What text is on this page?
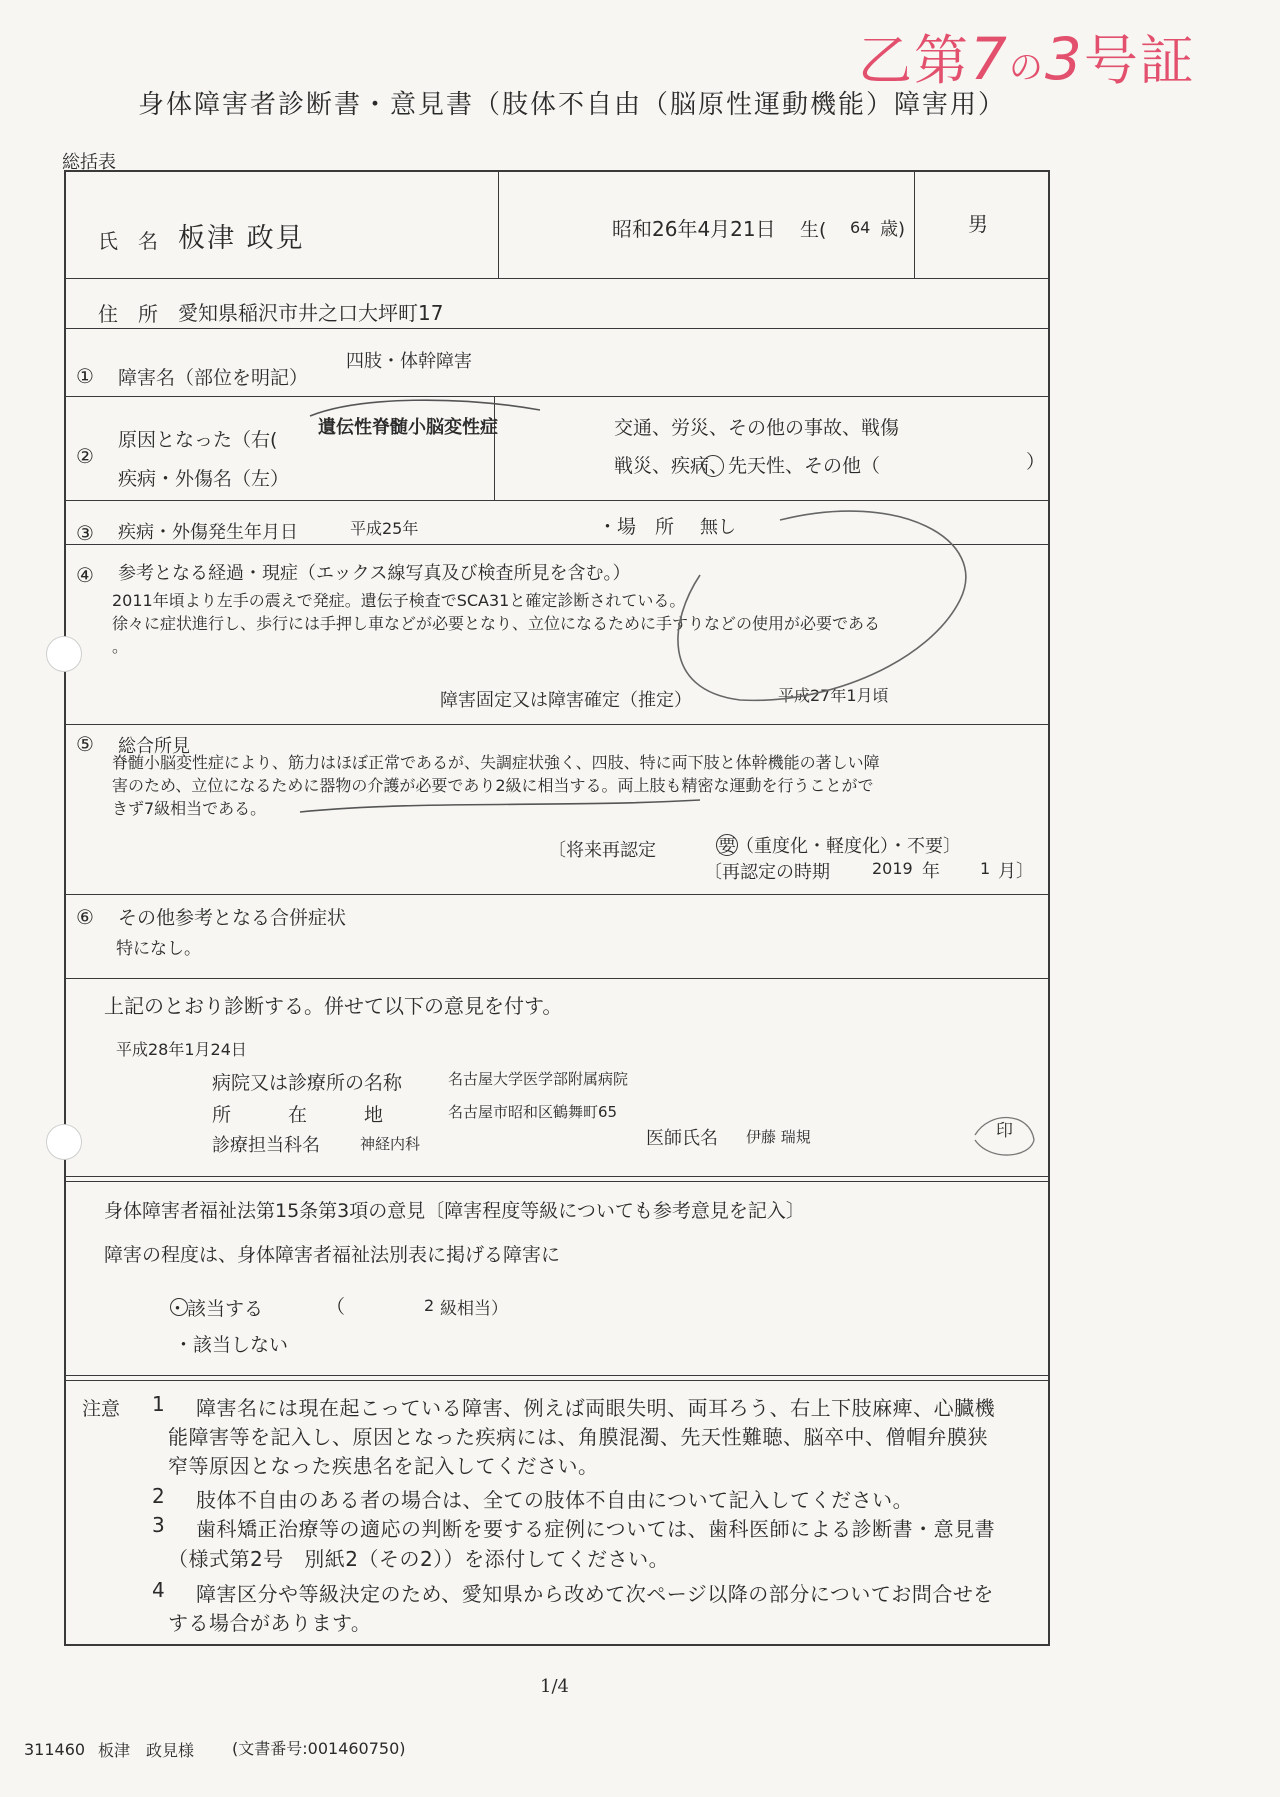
乙第7の3号証
身体障害者診断書・意見書（肢体不自由（脳原性運動機能）障害用）
総括表
氏　名 板津 政見	昭和26年4月21日 生( 64 歳)	男
住　所 愛知県稲沢市井之口大坪町17
① 障害名（部位を明記）
四肢・体幹障害
②
原因となった（右(
疾病・外傷名（左）
遺伝性脊髄小脳変性症	交通、労災、その他の事故、戦傷
戦災、疾病、先天性、その他（	）
③ 疾病・外傷発生年月日	平成25年	・場　所 無し
④ 参考となる経過・現症（エックス線写真及び検査所見を含む。）
2011年頃より左手の震えで発症。遺伝子検査でSCA31と確定診断されている。
徐々に症状進行し、歩行には手押し車などが必要となり、立位になるために手すりなどの使用が必要である
。
障害固定又は障害確定（推定）	平成27年1月頃
⑤ 総合所見
脊髄小脳変性症により、筋力はほぼ正常であるが、失調症状強く、四肢、特に両下肢と体幹機能の著しい障
害のため、立位になるために器物の介護が必要であり2級に相当する。両上肢も精密な運動を行うことがで
きず7級相当である。
〔将来再認定	要（重度化・軽度化）・不要〕
〔再認定の時期	2019 年	1 月〕
⑥ その他参考となる合併症状
特になし。
上記のとおり診断する。併せて以下の意見を付す。
平成28年1月24日
病院又は診療所の名称	名古屋大学医学部附属病院
所　　　在　　　地	名古屋市昭和区鶴舞町65
診療担当科名	神経内科	医師氏名 伊藤 瑞規	印
身体障害者福祉法第15条第3項の意見〔障害程度等級についても参考意見を記入〕
障害の程度は、身体障害者福祉法別表に掲げる障害に
・該当する	（	2 級相当）
・該当しない
注意 1 障害名には現在起こっている障害、例えば両眼失明、両耳ろう、右上下肢麻痺、心臓機
能障害等を記入し、原因となった疾病には、角膜混濁、先天性難聴、脳卒中、僧帽弁膜狭
窄等原因となった疾患名を記入してください。
2 肢体不自由のある者の場合は、全ての肢体不自由について記入してください。
3 歯科矯正治療等の適応の判断を要する症例については、歯科医師による診断書・意見書
（様式第2号　別紙2（その2））を添付してください。
4 障害区分や等級決定のため、愛知県から改めて次ページ以降の部分についてお問合せを
する場合があります。
1/4
311460 板津　政見様 (文書番号:001460750)
